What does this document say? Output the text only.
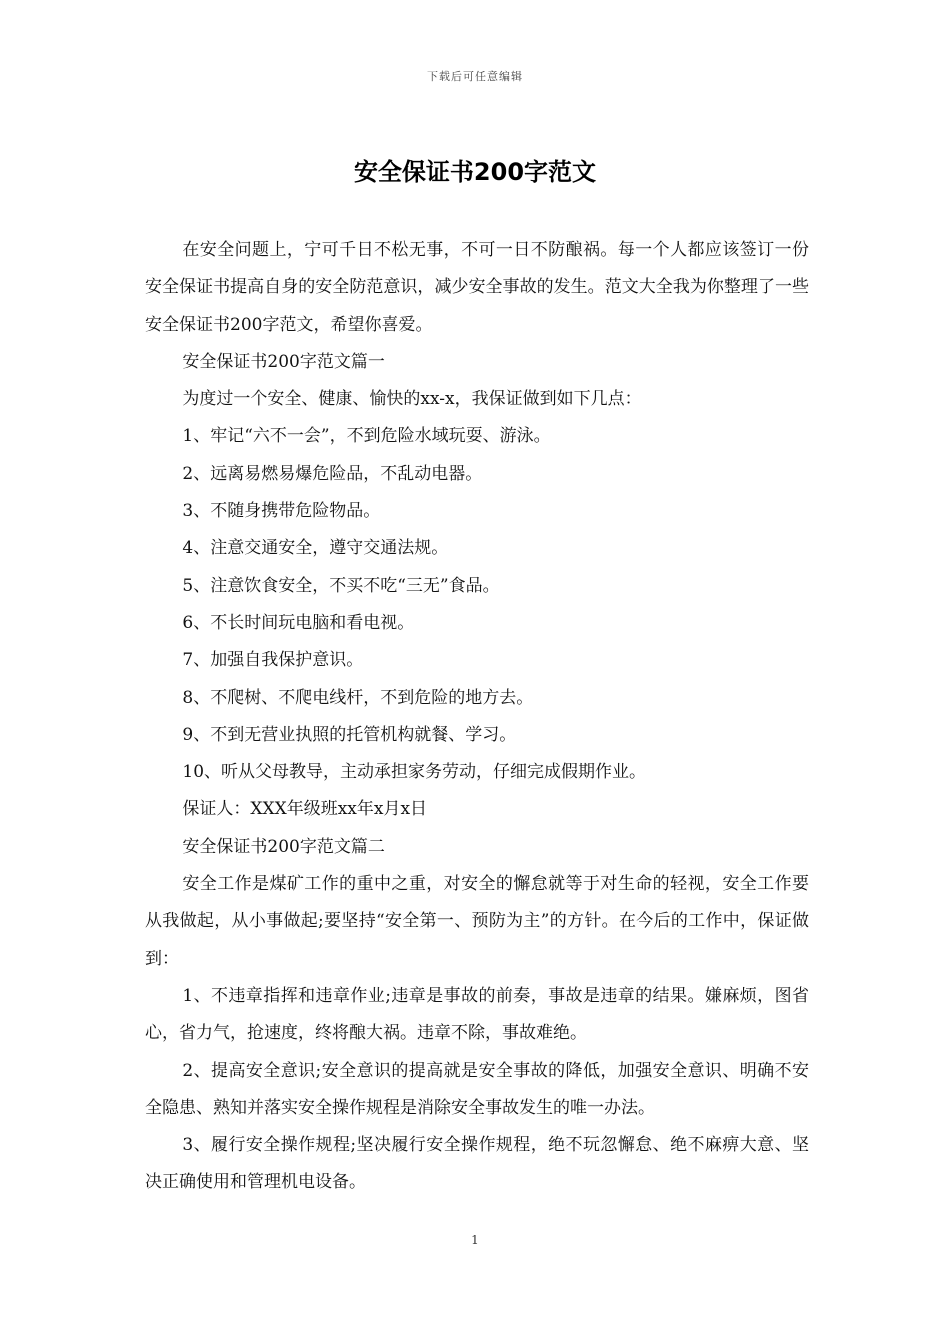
下载后可任意编辑
安全保证书200字范文

在安全问题上，宁可千日不松无事，不可一日不防酿祸。每一个人都应该签订一份安全保证书提高自身的安全防范意识，减少安全事故的发生。范文大全我为你整理了一些安全保证书200字范文，希望你喜爱。

安全保证书200字范文篇一

为度过一个安全、健康、愉快的xx-x，我保证做到如下几点：

1、牢记“六不一会”，不到危险水域玩耍、游泳。

2、远离易燃易爆危险品，不乱动电器。

3、不随身携带危险物品。

4、注意交通安全，遵守交通法规。

5、注意饮食安全，不买不吃“三无”食品。

6、不长时间玩电脑和看电视。

7、加强自我保护意识。

8、不爬树、不爬电线杆，不到危险的地方去。

9、不到无营业执照的托管机构就餐、学习。

10、听从父母教导，主动承担家务劳动，仔细完成假期作业。

保证人：XXX年级班xx年x月x日

安全保证书200字范文篇二

安全工作是煤矿工作的重中之重，对安全的懈怠就等于对生命的轻视，安全工作要从我做起，从小事做起;要坚持“安全第一、预防为主”的方针。在今后的工作中，保证做到：

1、不违章指挥和违章作业;违章是事故的前奏，事故是违章的结果。嫌麻烦，图省心，省力气，抢速度，终将酿大祸。违章不除，事故难绝。

2、提高安全意识;安全意识的提高就是安全事故的降低，加强安全意识、明确不安全隐患、熟知并落实安全操作规程是消除安全事故发生的唯一办法。

3、履行安全操作规程;坚决履行安全操作规程，绝不玩忽懈怠、绝不麻痹大意、坚决正确使用和管理机电设备。

1
